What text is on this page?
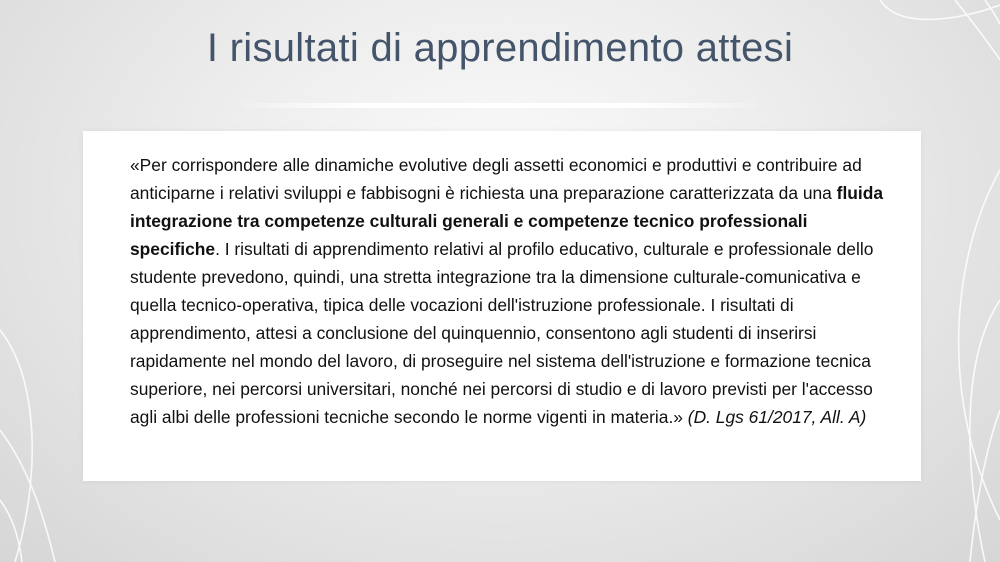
I risultati di apprendimento attesi
«Per corrispondere alle dinamiche evolutive degli assetti economici e produttivi e contribuire ad anticiparne i relativi sviluppi e fabbisogni è richiesta una preparazione caratterizzata da una fluida integrazione tra competenze culturali generali e competenze tecnico professionali specifiche. I risultati di apprendimento relativi al profilo educativo, culturale e professionale dello studente prevedono, quindi, una stretta integrazione tra la dimensione culturale-comunicativa e quella tecnico-operativa, tipica delle vocazioni dell'istruzione professionale. I risultati di apprendimento, attesi a conclusione del quinquennio, consentono agli studenti di inserirsi rapidamente nel mondo del lavoro, di proseguire nel sistema dell'istruzione e formazione tecnica superiore, nei percorsi universitari, nonché nei percorsi di studio e di lavoro previsti per l'accesso agli albi delle professioni tecniche secondo le norme vigenti in materia.» (D. Lgs 61/2017, All. A)
